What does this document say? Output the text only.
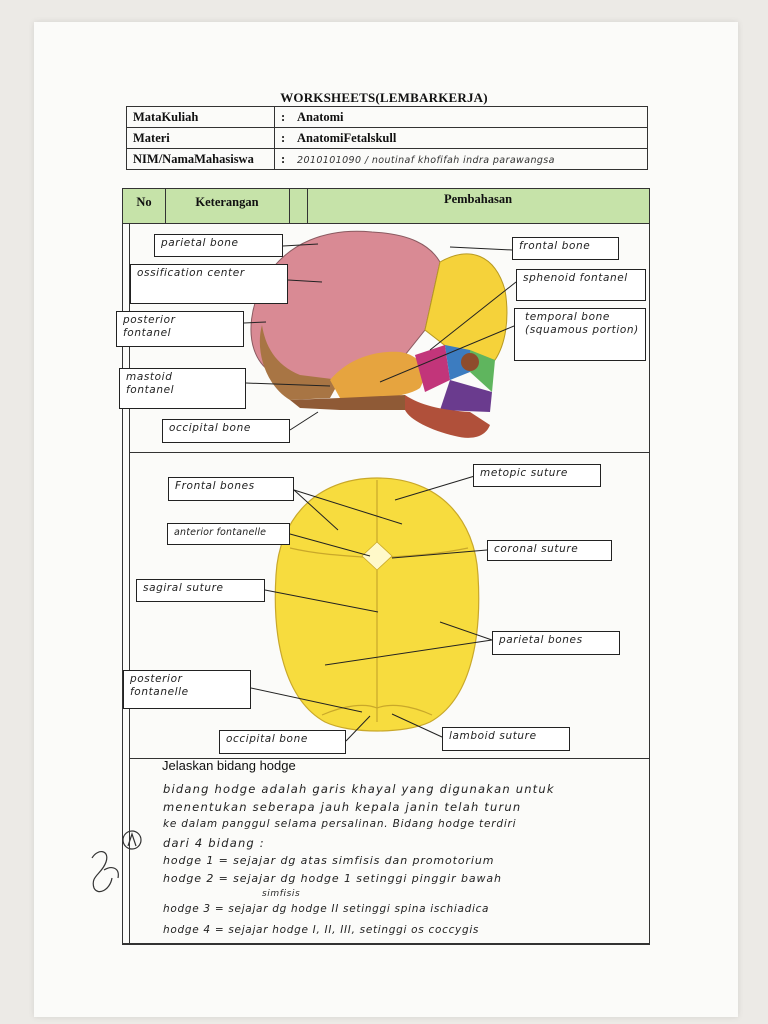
WORKSHEETS(LEMBARKERJA)
MataKuliah	: Anatomi
Materi	: AnatomiFetalskull
NIM/NamaMahasiswa	: 2010101090 / noutinaf khofifah indra parawangsa
No	Keterangan	Pembahasan
parietal bone
ossification center
posterior fontanel
mastoid fontanel
occipital bone
frontal bone
sphenoid fontanel
temporal bone (squamous portion)
Frontal bones
anterior fontanelle
sagiral suture
posterior fontanelle
occipital bone
metopic suture
coronal suture
parietal bones
lamboid suture
Jelaskan bidang hodge
bidang hodge adalah garis khayal yang digunakan untuk
menentukan seberapa jauh kepala janin telah turun
ke dalam panggul selama persalinan. Bidang hodge terdiri
dari 4 bidang :
hodge 1 = sejajar dg atas simfisis dan promotorium
hodge 2 = sejajar dg hodge 1 setinggi pinggir bawah
simfisis
hodge 3 = sejajar dg hodge II setinggi spina ischiadica
hodge 4 = sejajar hodge I, II, III, setinggi os coccygis
